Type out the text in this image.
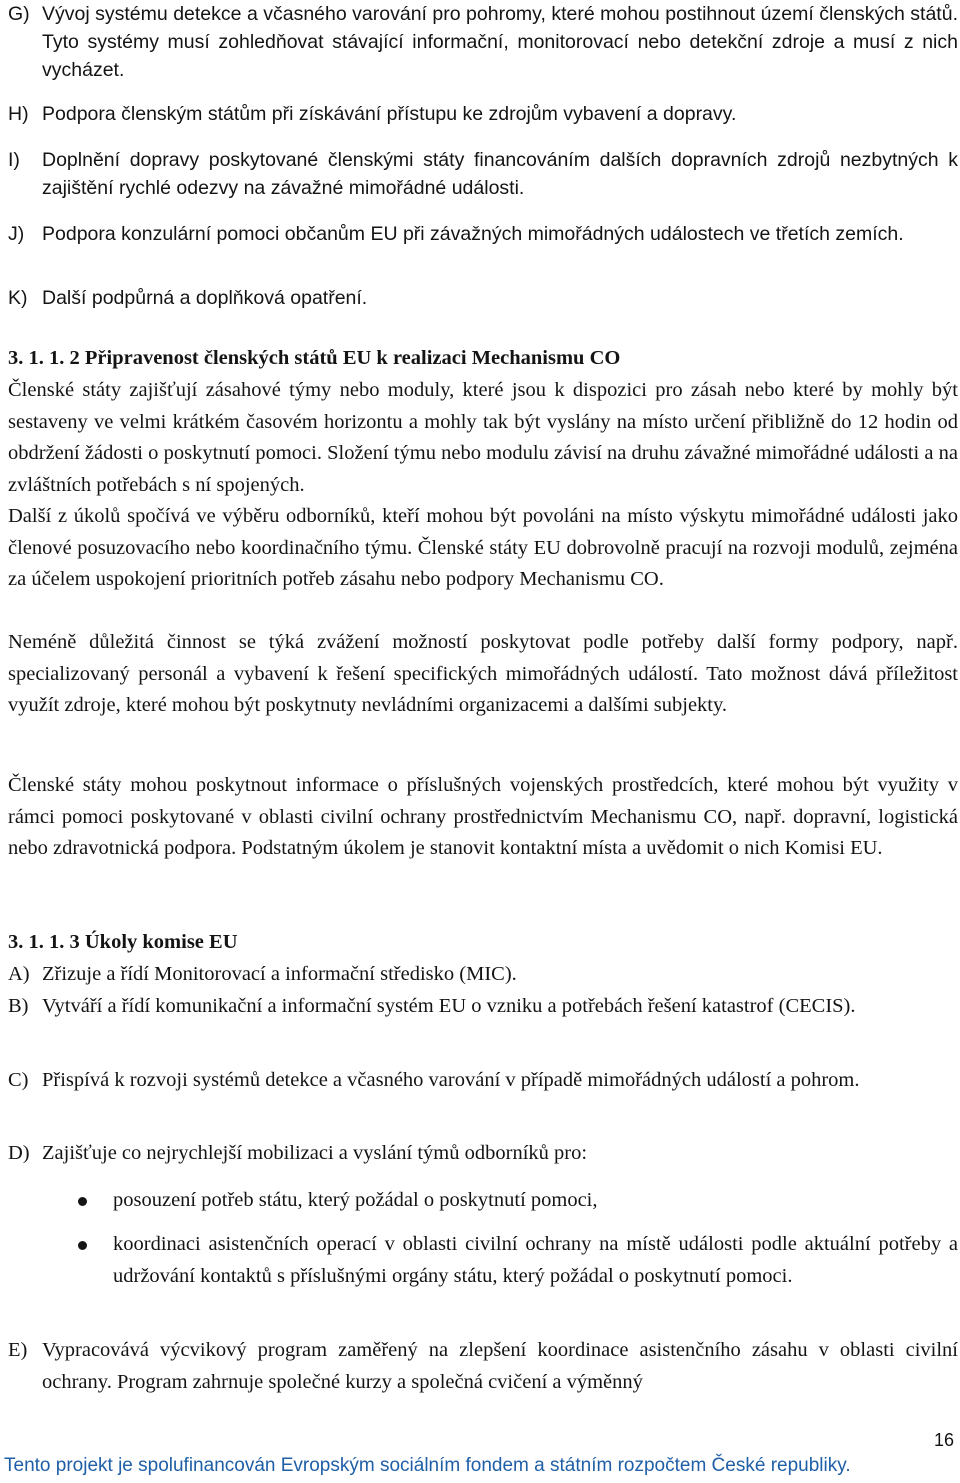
G) Vývoj systému detekce a včasného varování pro pohromy, které mohou postihnout území členských států. Tyto systémy musí zohledňovat stávající informační, monitorovací nebo detekční zdroje a musí z nich vycházet.
H) Podpora členským státům při získávání přístupu ke zdrojům vybavení a dopravy.
I)	Doplnění dopravy poskytované členskými státy financováním dalších dopravních zdrojů nezbytných k zajištění rychlé odezvy na závažné mimořádné události.
J) Podpora konzulární pomoci občanům EU při závažných mimořádných událostech ve třetích zemích.
K) Další podpůrná a doplňková opatření.
3. 1. 1. 2 Připravenost členských států EU k realizaci Mechanismu CO
Členské státy zajišťují zásahové týmy nebo moduly, které jsou k dispozici pro zásah nebo které by mohly být sestaveny ve velmi krátkém časovém horizontu a mohly tak být vyslány na místo určení přibližně do 12 hodin od obdržení žádosti o poskytnutí pomoci. Složení týmu nebo modulu závisí na druhu závažné mimořádné události a na zvláštních potřebách s ní spojených.
Další z úkolů spočívá ve výběru odborníků, kteří mohou být povoláni na místo výskytu mimořádné události jako členové posuzovacího nebo koordinačního týmu. Členské státy EU dobrovolně pracují na rozvoji modulů, zejména za účelem uspokojení prioritních potřeb zásahu nebo podpory Mechanismu CO.
Neméně důležitá činnost se týká zvážení možností poskytovat podle potřeby další formy podpory, např. specializovaný personál a vybavení k řešení specifických mimořádných událostí. Tato možnost dává příležitost využít zdroje, které mohou být poskytnuty nevládními organizacemi a dalšími subjekty.
Členské státy mohou poskytnout informace o příslušných vojenských prostředcích, které mohou být využity v rámci pomoci poskytované v oblasti civilní ochrany prostřednictvím Mechanismu CO, např. dopravní, logistická nebo zdravotnická podpora. Podstatným úkolem je stanovit kontaktní místa a uvědomit o nich Komisi EU.
3. 1. 1. 3 Úkoly komise EU
A) Zřizuje a řídí Monitorovací a informační středisko (MIC).
B) Vytváří a řídí komunikační a informační systém EU o vzniku a potřebách řešení katastrof (CECIS).
C) Přispívá k rozvoji systémů detekce a včasného varování v případě mimořádných událostí a pohrom.
D) Zajišťuje co nejrychlejší mobilizaci a vyslání týmů odborníků pro:
posouzení potřeb státu, který požádal o poskytnutí pomoci,
koordinaci asistenčních operací v oblasti civilní ochrany na místě události podle aktuální potřeby a udržování kontaktů s příslušnými orgány státu, který požádal o poskytnutí pomoci.
E) Vypracovává výcvikový program zaměřený na zlepšení koordinace asistenčního zásahu v oblasti civilní ochrany. Program zahrnuje společné kurzy a společná cvičení a výměnný
16
Tento projekt je spolufinancován Evropským sociálním fondem a státním rozpočtem České republiky.
